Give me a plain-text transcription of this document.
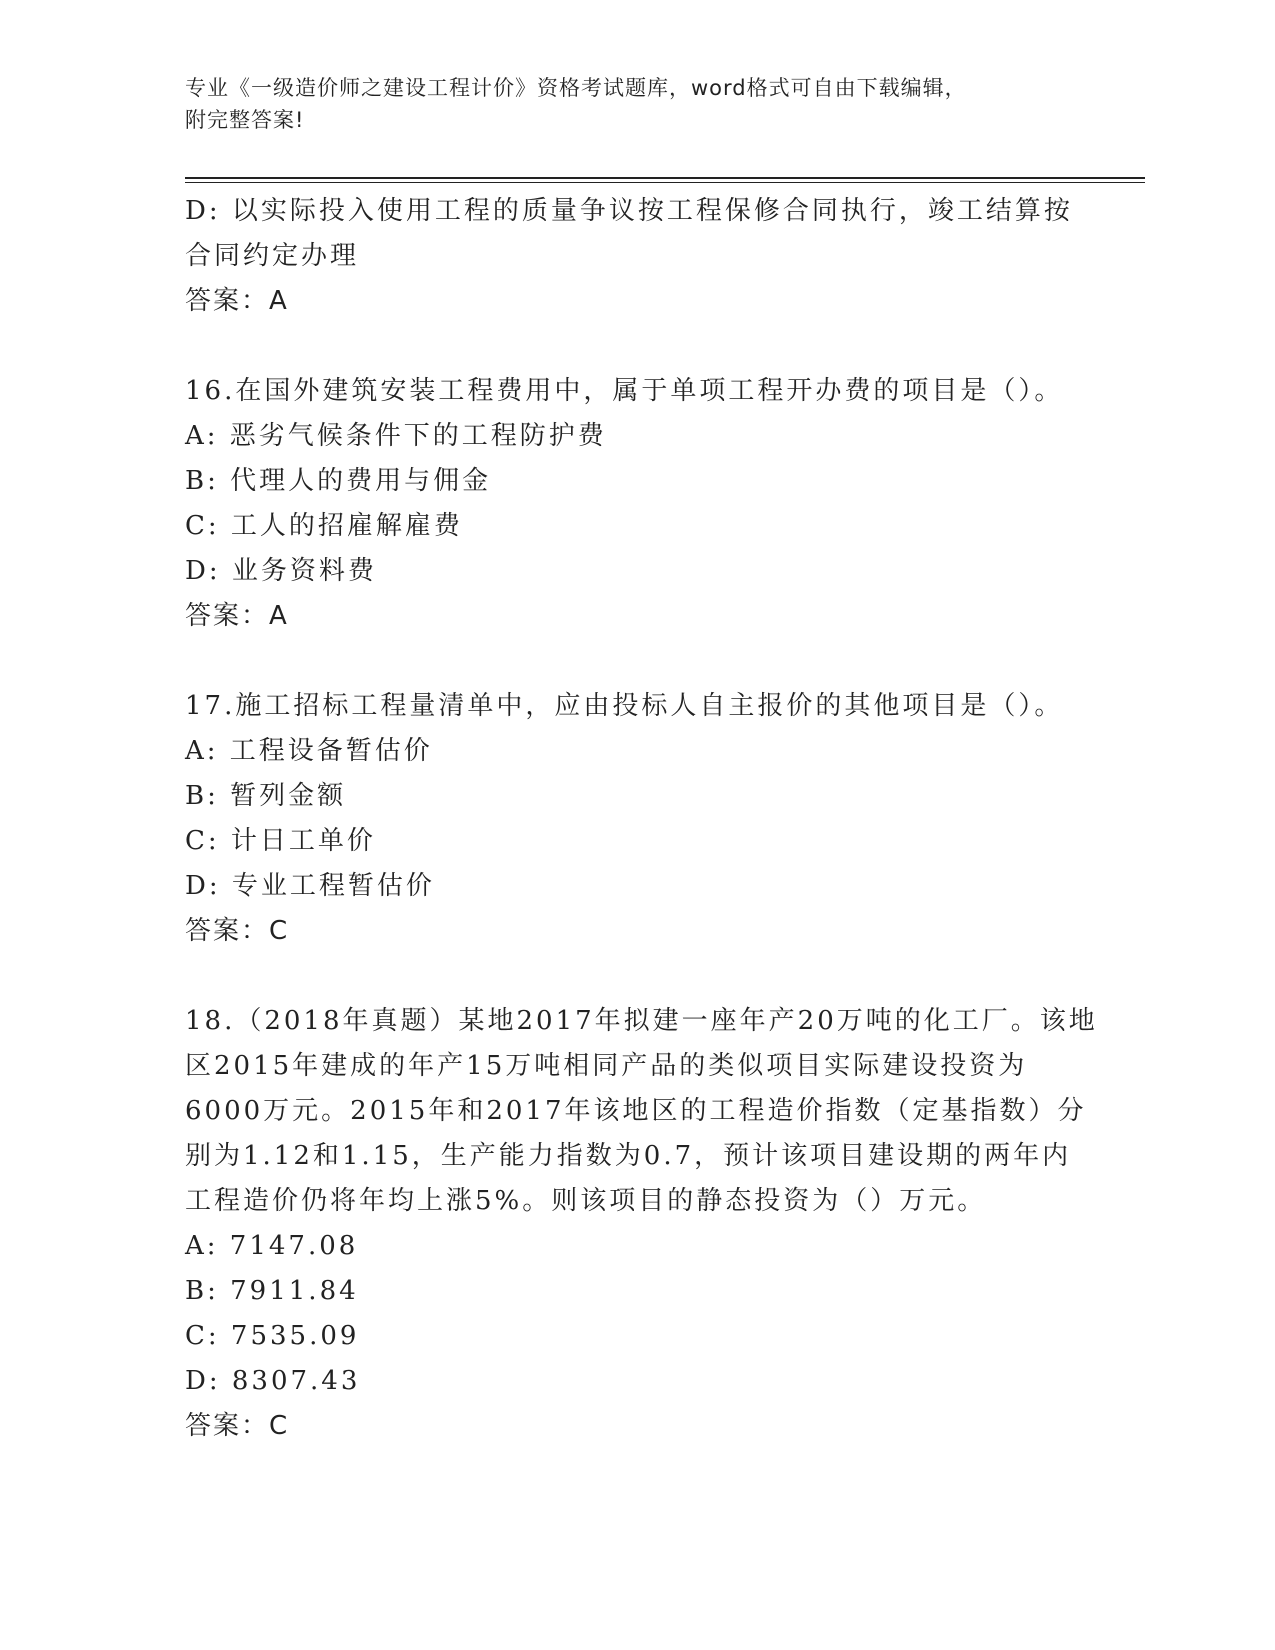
专业《一级造价师之建设工程计价》资格考试题库，word格式可自由下载编辑，
附完整答案!
D: 以实际投入使用工程的质量争议按工程保修合同执行，竣工结算按
合同约定办理
答案：A
16.在国外建筑安装工程费用中，属于单项工程开办费的项目是（）。
A: 恶劣气候条件下的工程防护费
B: 代理人的费用与佣金
C: 工人的招雇解雇费
D: 业务资料费
答案：A
17.施工招标工程量清单中，应由投标人自主报价的其他项目是（）。
A: 工程设备暂估价
B: 暂列金额
C: 计日工单价
D: 专业工程暂估价
答案：C
18.（2018年真题）某地2017年拟建一座年产20万吨的化工厂。该地
区2015年建成的年产15万吨相同产品的类似项目实际建设投资为
6000万元。2015年和2017年该地区的工程造价指数（定基指数）分
别为1.12和1.15，生产能力指数为0.7，预计该项目建设期的两年内
工程造价仍将年均上涨5%。则该项目的静态投资为（）万元。
A: 7147.08
B: 7911.84
C: 7535.09
D: 8307.43
答案：C
